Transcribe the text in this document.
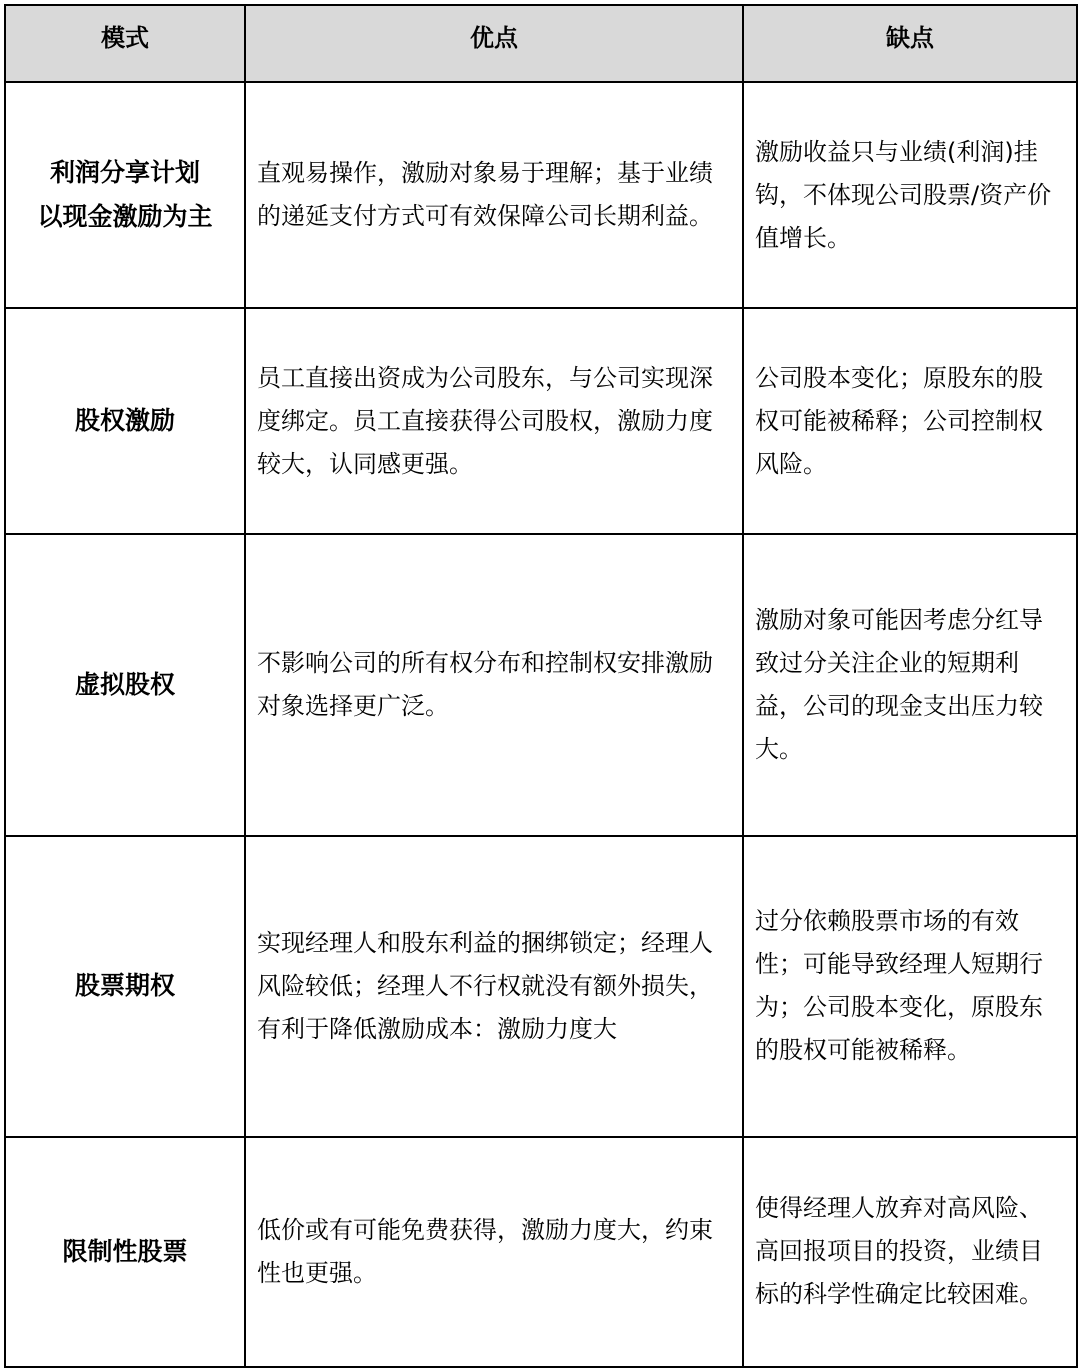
模式	优点	缺点

利润分享计划
以现金激励为主	直观易操作，激励对象易于理解；基于业绩的递延支付方式可有效保障公司长期利益。	激励收益只与业绩(利润)挂钩，不体现公司股票/资产价值增长。

股权激励	员工直接出资成为公司股东，与公司实现深度绑定。员工直接获得公司股权，激励力度较大，认同感更强。	公司股本变化；原股东的股权可能被稀释；公司控制权风险。

虚拟股权	不影响公司的所有权分布和控制权安排激励对象选择更广泛。	激励对象可能因考虑分红导致过分关注企业的短期利益，公司的现金支出压力较大。

股票期权	实现经理人和股东利益的捆绑锁定；经理人风险较低；经理人不行权就没有额外损失，有利于降低激励成本：激励力度大	过分依赖股票市场的有效性；可能导致经理人短期行为；公司股本变化，原股东的股权可能被稀释。

限制性股票	低价或有可能免费获得，激励力度大，约束性也更强。	使得经理人放弃对高风险、高回报项目的投资，业绩目标的科学性确定比较困难。
